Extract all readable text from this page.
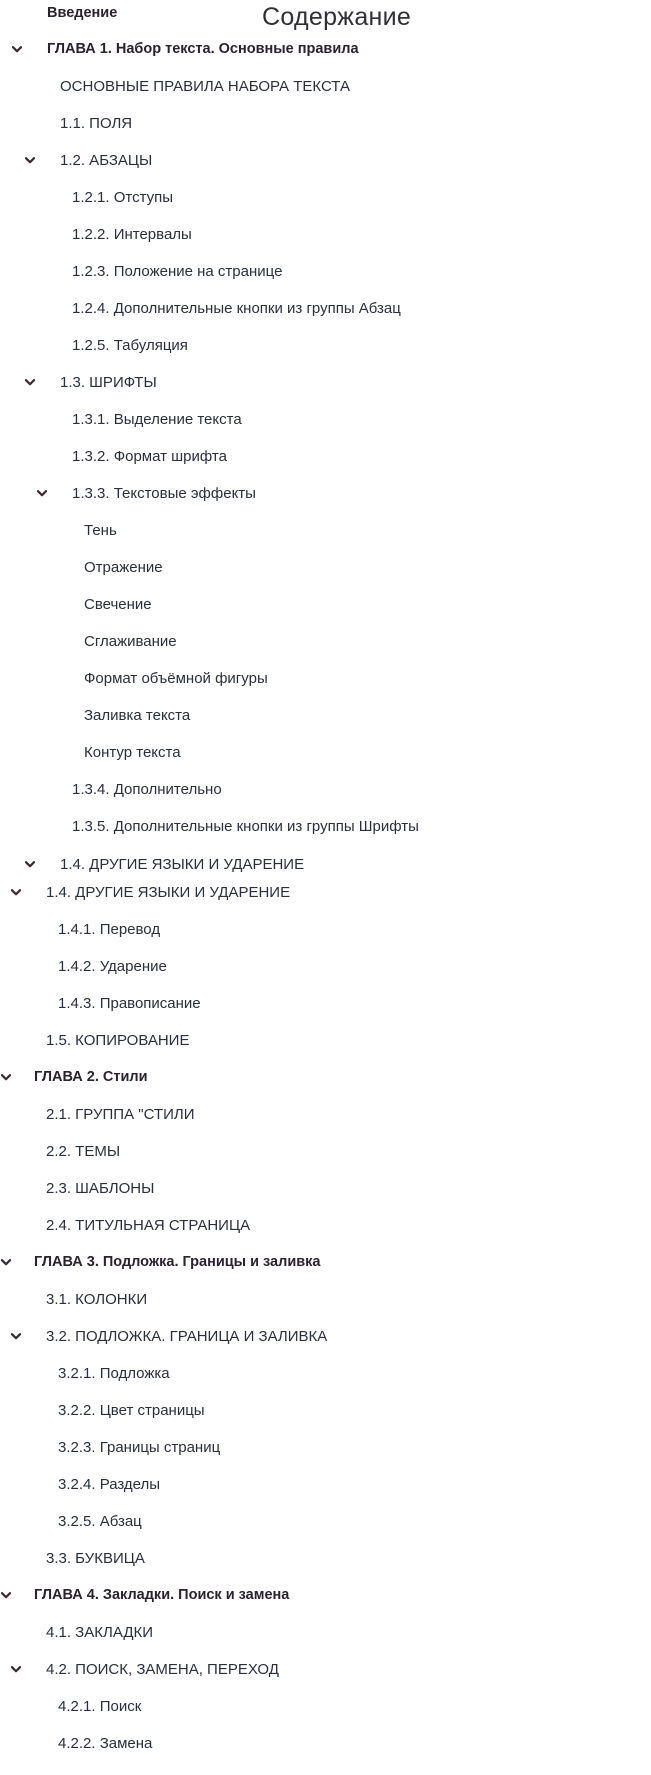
Содержание
Введение
ГЛАВА 1. Набор текста. Основные правила
ОСНОВНЫЕ ПРАВИЛА НАБОРА ТЕКСТА
1.1. ПОЛЯ
1.2. АБЗАЦЫ
1.2.1. Отступы
1.2.2. Интервалы
1.2.3. Положение на странице
1.2.4. Дополнительные кнопки из группы Абзац
1.2.5. Табуляция
1.3. ШРИФТЫ
1.3.1. Выделение текста
1.3.2. Формат шрифта
1.3.3. Текстовые эффекты
Тень
Отражение
Свечение
Сглаживание
Формат объёмной фигуры
Заливка текста
Контур текста
1.3.4. Дополнительно
1.3.5. Дополнительные кнопки из группы Шрифты
1.4. ДРУГИЕ ЯЗЫКИ И УДАРЕНИЕ
1.4. ДРУГИЕ ЯЗЫКИ И УДАРЕНИЕ
1.4.1. Перевод
1.4.2. Ударение
1.4.3. Правописание
1.5. КОПИРОВАНИЕ
ГЛАВА 2. Стили
2.1. ГРУППА "СТИЛИ
2.2. ТЕМЫ
2.3. ШАБЛОНЫ
2.4. ТИТУЛЬНАЯ СТРАНИЦА
ГЛАВА 3. Подложка. Границы и заливка
3.1. КОЛОНКИ
3.2. ПОДЛОЖКА. ГРАНИЦА И ЗАЛИВКА
3.2.1. Подложка
3.2.2. Цвет страницы
3.2.3. Границы страниц
3.2.4. Разделы
3.2.5. Абзац
3.3. БУКВИЦА
ГЛАВА 4. Закладки. Поиск и замена
4.1. ЗАКЛАДКИ
4.2. ПОИСК, ЗАМЕНА, ПЕРЕХОД
4.2.1. Поиск
4.2.2. Замена
